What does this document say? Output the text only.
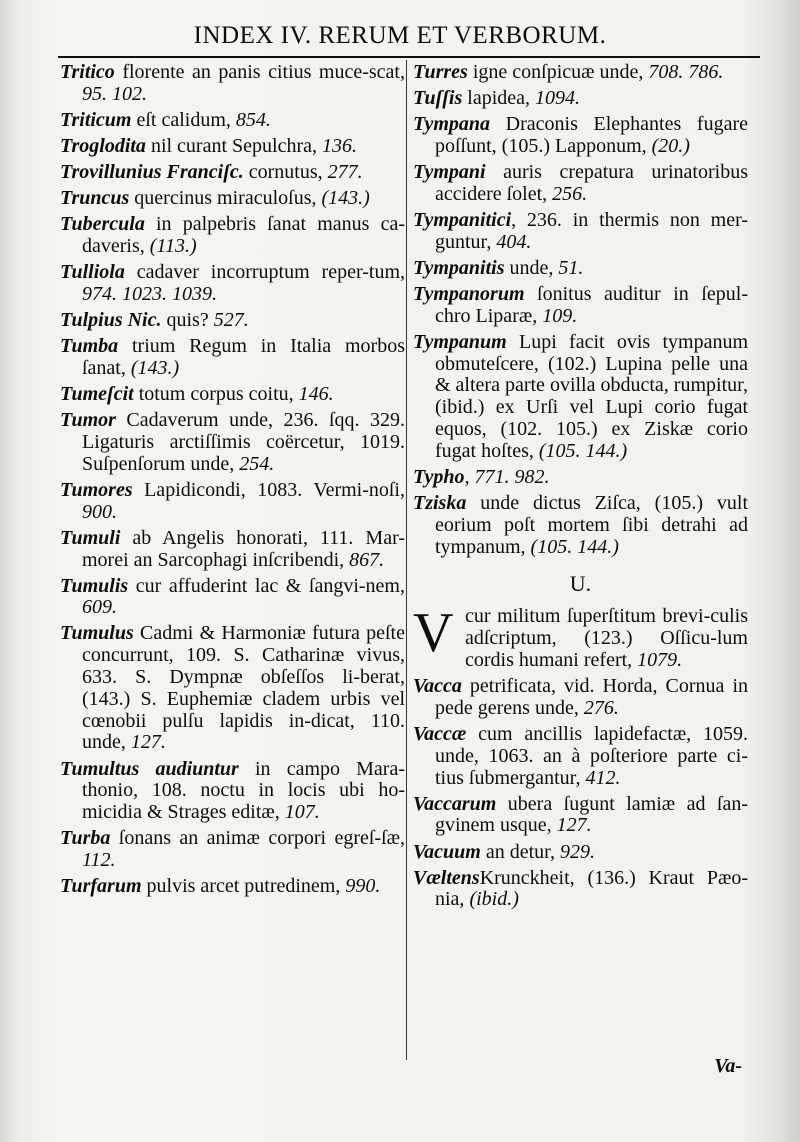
INDEX IV. RERUM ET VERBORUM.
Tritico florente an panis citius muce-scat, 95. 102.
Triticum eſt calidum, 854.
Troglodita nil curant Sepulchra, 136.
Trovillunius Franciſc. cornutus, 277.
Truncus quercinus miraculoſus, (143.)
Tubercula in palpebris ſanat manus ca-daveris, (113.)
Tulliola cadaver incorruptum reper-tum, 974. 1023. 1039.
Tulpius Nic. quis? 527.
Tumba trium Regum in Italia morbos ſanat, (143.)
Tumeſcit totum corpus coitu, 146.
Tumor Cadaverum unde, 236. ſqq. 329. Ligaturis arctiſſimis coërcetur, 1019. Suſpenſorum unde, 254.
Tumores Lapidicondi, 1083. Vermi-noſi, 900.
Tumuli ab Angelis honorati, 111. Mar-morei an Sarcophagi inſcribendi, 867.
Tumulis cur affuderint lac & ſangvi-nem, 609.
Tumulus Cadmi & Harmoniæ futura peſte concurrunt, 109. S. Catharinæ vivus, 633. S. Dympnæ obſeſſos li-berat, (143.) S. Euphemiæ cladem urbis vel cœnobii pulſu lapidis in-dicat, 110. unde, 127.
Tumultus audiuntur in campo Mara-thonio, 108. noctu in locis ubi ho-micidia & Strages editæ, 107.
Turba ſonans an animæ corpori egreſ-ſæ, 112.
Turfarum pulvis arcet putredinem, 990.
Turres igne conſpicuæ unde, 708. 786.
Tuſſis lapidea, 1094.
Tympana Draconis Elephantes fugare poſſunt, (105.) Lapponum, (20.)
Tympani auris crepatura urinatoribus accidere ſolet, 256.
Tympanitici, 236. in thermis non mer-guntur, 404.
Tympanitis unde, 51.
Tympanorum ſonitus auditur in ſepul-chro Liparæ, 109.
Tympanum Lupi facit ovis tympanum obmuteſcere, (102.) Lupina pelle una & altera parte ovilla obducta, rumpitur, (ibid.) ex Urſi vel Lupi corio fugat equos, (102. 105.) ex Ziskæ corio fugat hoſtes, (105. 144.)
Typho, 771. 982.
Tziska unde dictus Ziſca, (105.) vult eorium poſt mortem ſibi detrahi ad tympanum, (105. 144.)
U.
V cur militum ſuperſtitum brevi-culis adſcriptum, (123.) Oſſicu-lum cordis humani refert, 1079.
Vacca petrificata, vid. Horda, Cornua in pede gerens unde, 276.
Vaccæ cum ancillis lapidefactæ, 1059. unde, 1063. an à poſteriore parte ci-tius ſubmergantur, 412.
Vaccarum ubera ſugunt lamiæ ad ſan-gvinem usque, 127.
Vacuum an detur, 929.
VæltensKrunckheit, (136.) Kraut Pæo-nia, (ibid.)
Va-
